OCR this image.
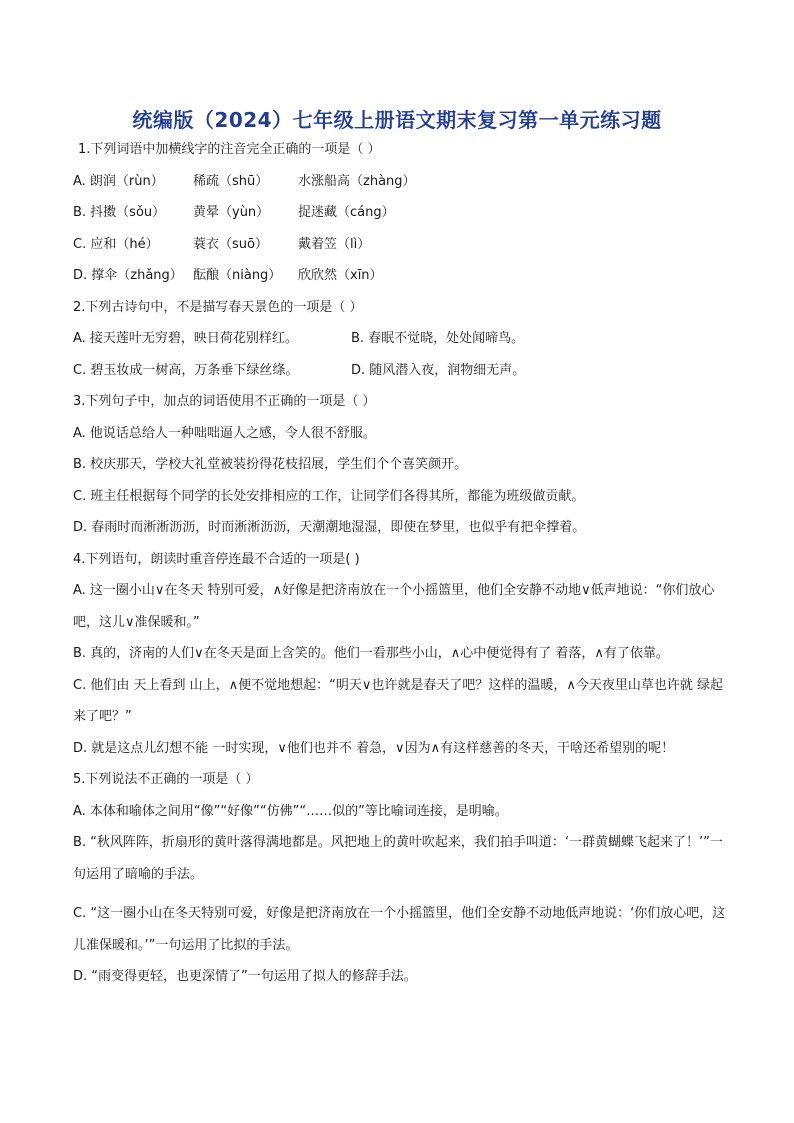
统编版（2024）七年级上册语文期末复习第一单元练习题
1.下列词语中加横线字的注音完全正确的一项是（ ）
A. 朗润（rùn）	稀疏（shū）	水涨船高（zhàng）
B. 抖擞（sǒu）	黄晕（yùn）	捉迷藏（cáng）
C. 应和（hé）	蓑衣（suō）	戴着笠（lì）
D. 撑伞（zhǎng） 酝酿（niàng）	欣欣然（xīn）
2.下列古诗句中，不是描写春天景色的一项是（ ）
A. 接天莲叶无穷碧，映日荷花别样红。	B. 春眠不觉晓，处处闻啼鸟。
C. 碧玉妆成一树高，万条垂下绿丝绦。	D. 随风潜入夜，润物细无声。
3.下列句子中，加点的词语使用不正确的一项是（ ）
A. 他说话总给人一种咄咄逼人之感，令人很不舒服。
B. 校庆那天，学校大礼堂被装扮得花枝招展，学生们个个喜笑颜开。
C. 班主任根据每个同学的长处安排相应的工作，让同学们各得其所，都能为班级做贡献。
D. 春雨时而淅淅沥沥，时而淅淅沥沥，天潮潮地湿湿，即使在梦里，也似乎有把伞撑着。
4.下列语句，朗读时重音停连最不合适的一项是( )
A. 这一圈小山∨在冬天 特别可爱，∧好像是把济南放在一个小摇篮里，他们全安静不动地∨低声地说：“你们放心吧，这儿∨准保暖和。”
B. 真的，济南的人们∨在冬天是面上含笑的。他们一看那些小山，∧心中便觉得有了 着落，∧有了依靠。
C. 他们由 天上看到 山上，∧便不觉地想起：“明天∨也许就是春天了吧？这样的温暖，∧今天夜里山草也许就 绿起来了吧？”
D. 就是这点儿幻想不能 一时实现，∨他们也并不 着急，∨因为∧有这样慈善的冬天，干啥还希望别的呢！
5.下列说法不正确的一项是（ ）
A. 本体和喻体之间用“像”“好像”“仿佛”“……似的”等比喻词连接，是明喻。
B. “秋风阵阵，折扇形的黄叶落得满地都是。风把地上的黄叶吹起来，我们拍手叫道：‘一群黄蝴蝶飞起来了！’”一句运用了暗喻的手法。
C. “这一圈小山在冬天特别可爱，好像是把济南放在一个小摇篮里，他们全安静不动地低声地说：‘你们放心吧，这儿准保暖和。’”一句运用了比拟的手法。
D. “雨变得更轻，也更深情了”一句运用了拟人的修辞手法。
